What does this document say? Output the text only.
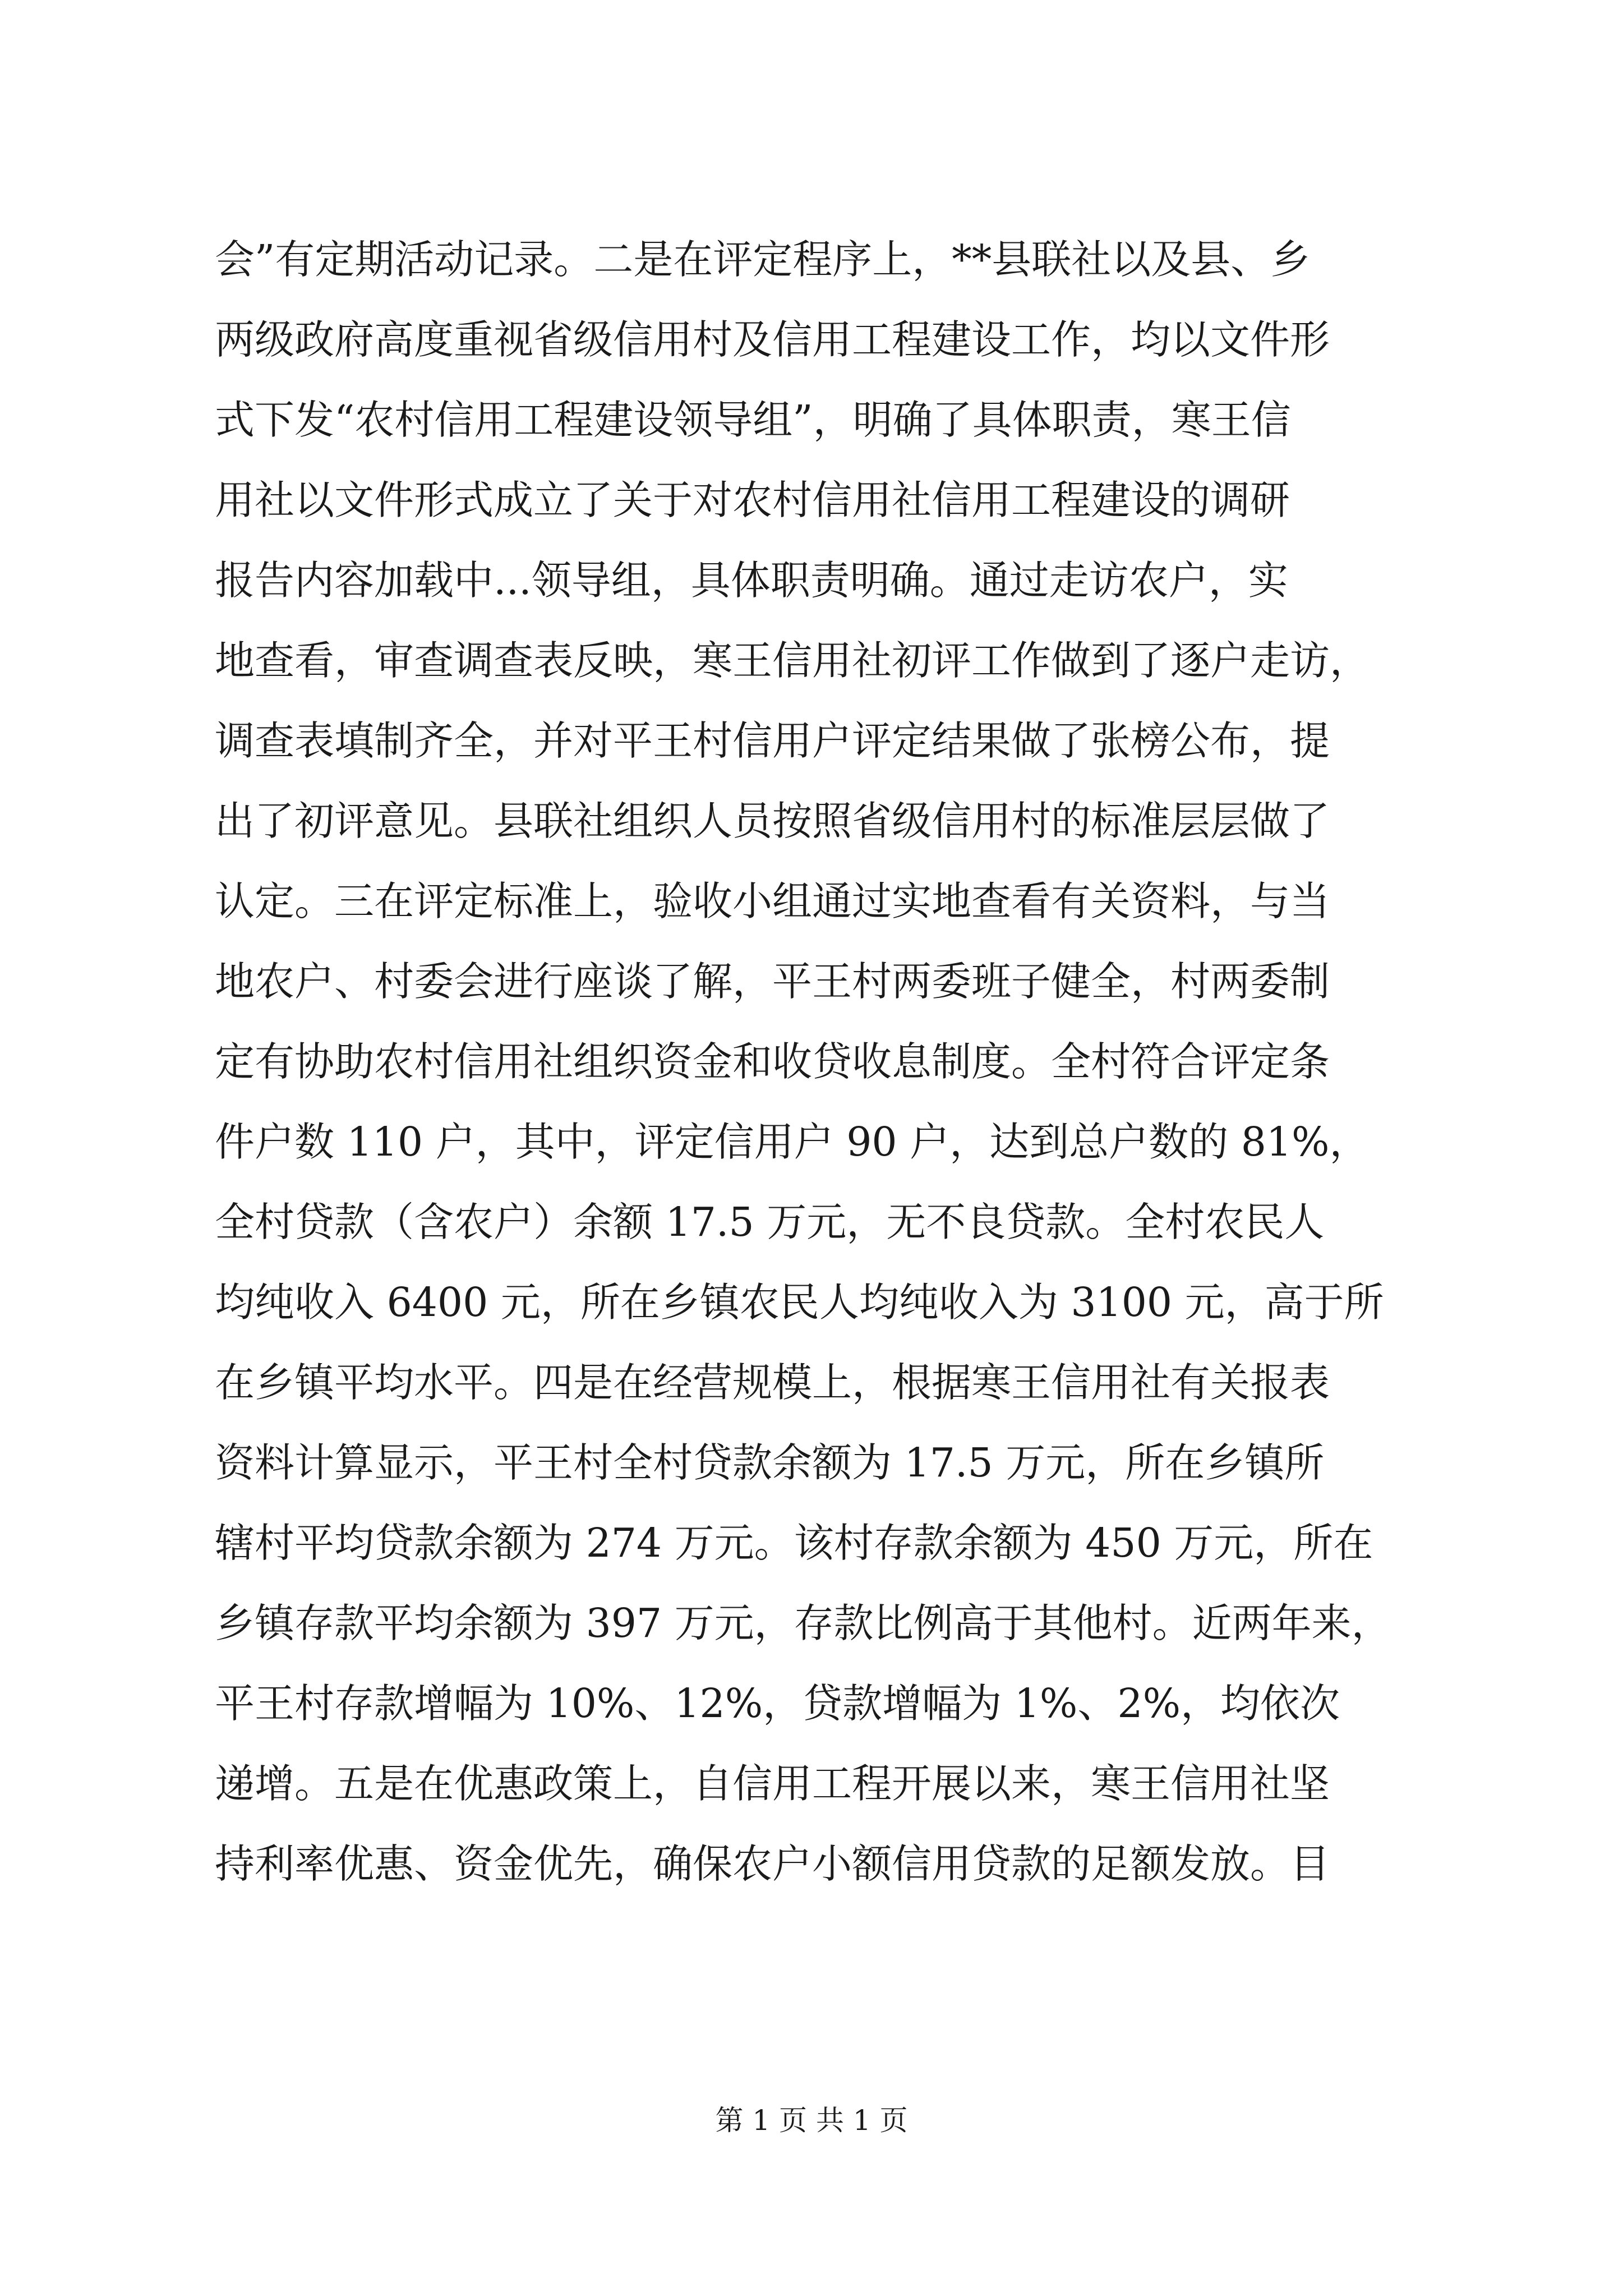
会”有定期活动记录。二是在评定程序上，**县联社以及县、乡
两级政府高度重视省级信用村及信用工程建设工作，均以文件形
式下发“农村信用工程建设领导组”，明确了具体职责，寒王信
用社以文件形式成立了关于对农村信用社信用工程建设的调研
报告内容加载中...领导组，具体职责明确。通过走访农户，实
地查看，审查调查表反映，寒王信用社初评工作做到了逐户走访，
调查表填制齐全，并对平王村信用户评定结果做了张榜公布，提
出了初评意见。县联社组织人员按照省级信用村的标准层层做了
认定。三在评定标准上，验收小组通过实地查看有关资料，与当
地农户、村委会进行座谈了解，平王村两委班子健全，村两委制
定有协助农村信用社组织资金和收贷收息制度。全村符合评定条
件户数 110 户，其中，评定信用户 90 户，达到总户数的 81%，
全村贷款（含农户）余额 17.5 万元，无不良贷款。全村农民人
均纯收入 6400 元，所在乡镇农民人均纯收入为 3100 元，高于所
在乡镇平均水平。四是在经营规模上，根据寒王信用社有关报表
资料计算显示，平王村全村贷款余额为 17.5 万元，所在乡镇所
辖村平均贷款余额为 274 万元。该村存款余额为 450 万元，所在
乡镇存款平均余额为 397 万元，存款比例高于其他村。近两年来，
平王村存款增幅为 10%、12%，贷款增幅为 1%、2%，均依次
递增。五是在优惠政策上，自信用工程开展以来，寒王信用社坚
持利率优惠、资金优先，确保农户小额信用贷款的足额发放。目
第 1 页 共 1 页
